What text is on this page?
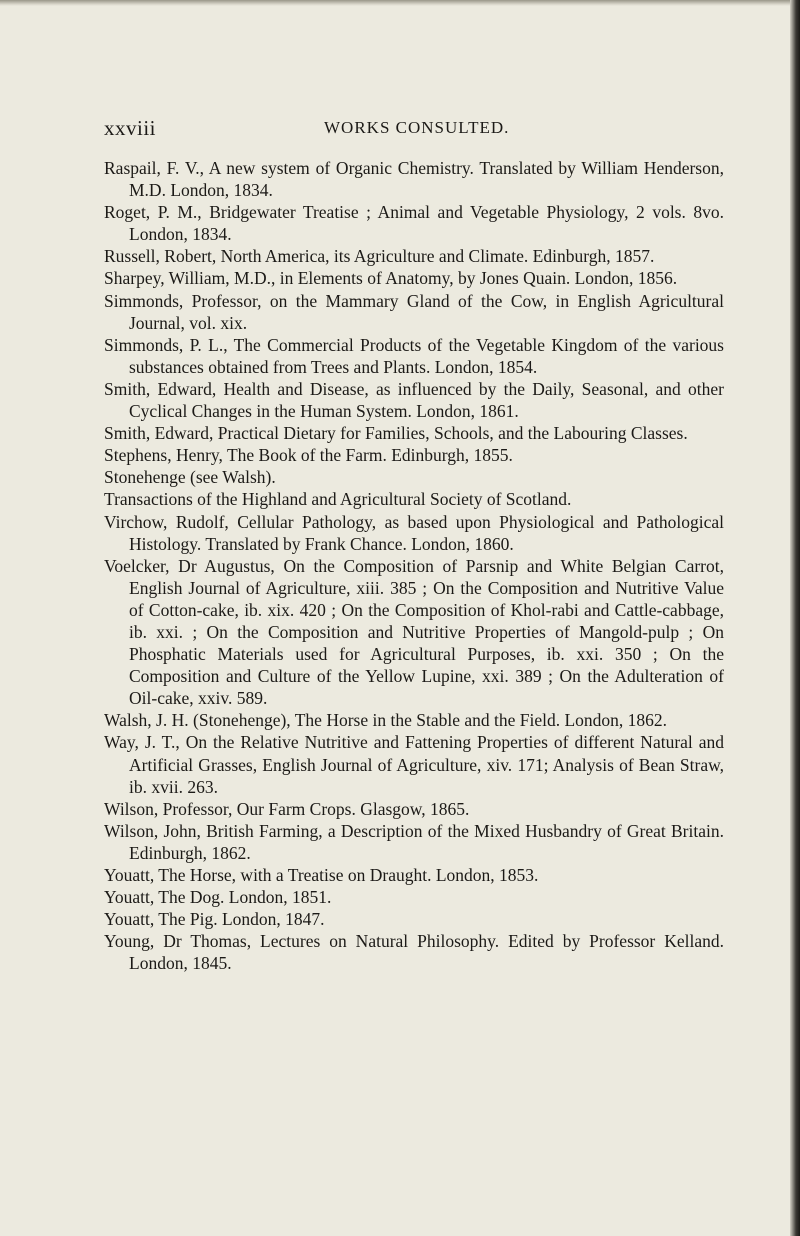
xxviii	WORKS CONSULTED.

Raspail, F. V., A new system of Organic Chemistry. Translated by William Henderson, M.D. London, 1834.

Roget, P. M., Bridgewater Treatise ; Animal and Vegetable Physiology, 2 vols. 8vo. London, 1834.

Russell, Robert, North America, its Agriculture and Climate. Edinburgh, 1857.

Sharpey, William, M.D., in Elements of Anatomy, by Jones Quain. London, 1856.

Simmonds, Professor, on the Mammary Gland of the Cow, in English Agricultural Journal, vol. xix.

Simmonds, P. L., The Commercial Products of the Vegetable Kingdom of the various substances obtained from Trees and Plants. London, 1854.

Smith, Edward, Health and Disease, as influenced by the Daily, Seasonal, and other Cyclical Changes in the Human System. London, 1861.

Smith, Edward, Practical Dietary for Families, Schools, and the Labouring Classes.

Stephens, Henry, The Book of the Farm. Edinburgh, 1855.

Stonehenge (see Walsh).

Transactions of the Highland and Agricultural Society of Scotland.

Virchow, Rudolf, Cellular Pathology, as based upon Physiological and Pathological Histology. Translated by Frank Chance. London, 1860.

Voelcker, Dr Augustus, On the Composition of Parsnip and White Belgian Carrot, English Journal of Agriculture, xiii. 385 ; On the Composition and Nutritive Value of Cotton-cake, ib. xix. 420 ; On the Composition of Khol-rabi and Cattle-cabbage, ib. xxi. ; On the Composition and Nutritive Properties of Mangold-pulp ; On Phosphatic Materials used for Agricultural Purposes, ib. xxi. 350 ; On the Composition and Culture of the Yellow Lupine, xxi. 389 ; On the Adulteration of Oil-cake, xxiv. 589.

Walsh, J. H. (Stonehenge), The Horse in the Stable and the Field. London, 1862.

Way, J. T., On the Relative Nutritive and Fattening Properties of different Natural and Artificial Grasses, English Journal of Agriculture, xiv. 171; Analysis of Bean Straw, ib. xvii. 263.

Wilson, Professor, Our Farm Crops. Glasgow, 1865.

Wilson, John, British Farming, a Description of the Mixed Husbandry of Great Britain. Edinburgh, 1862.

Youatt, The Horse, with a Treatise on Draught. London, 1853.

Youatt, The Dog. London, 1851.

Youatt, The Pig. London, 1847.

Young, Dr Thomas, Lectures on Natural Philosophy. Edited by Professor Kelland. London, 1845.
